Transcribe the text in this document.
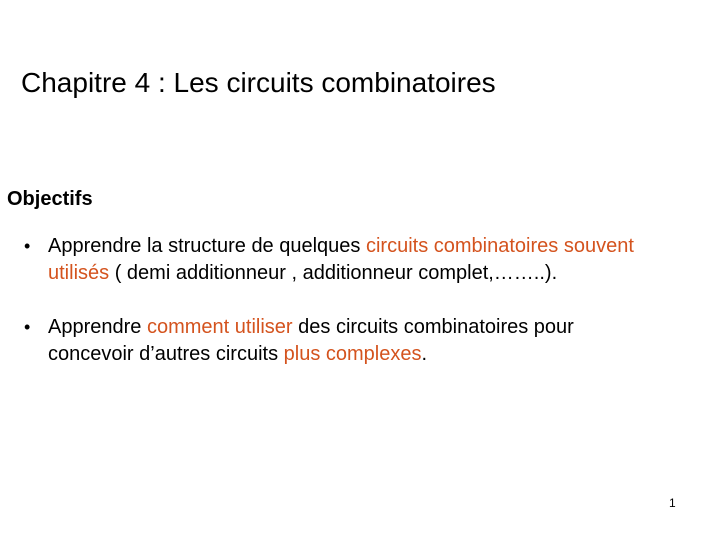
Chapitre 4 : Les circuits combinatoires
Objectifs
• Apprendre la structure de quelques circuits combinatoires souvent utilisés ( demi additionneur , additionneur complet,……..).
• Apprendre comment utiliser des circuits combinatoires pour concevoir d’autres circuits plus complexes.
1
